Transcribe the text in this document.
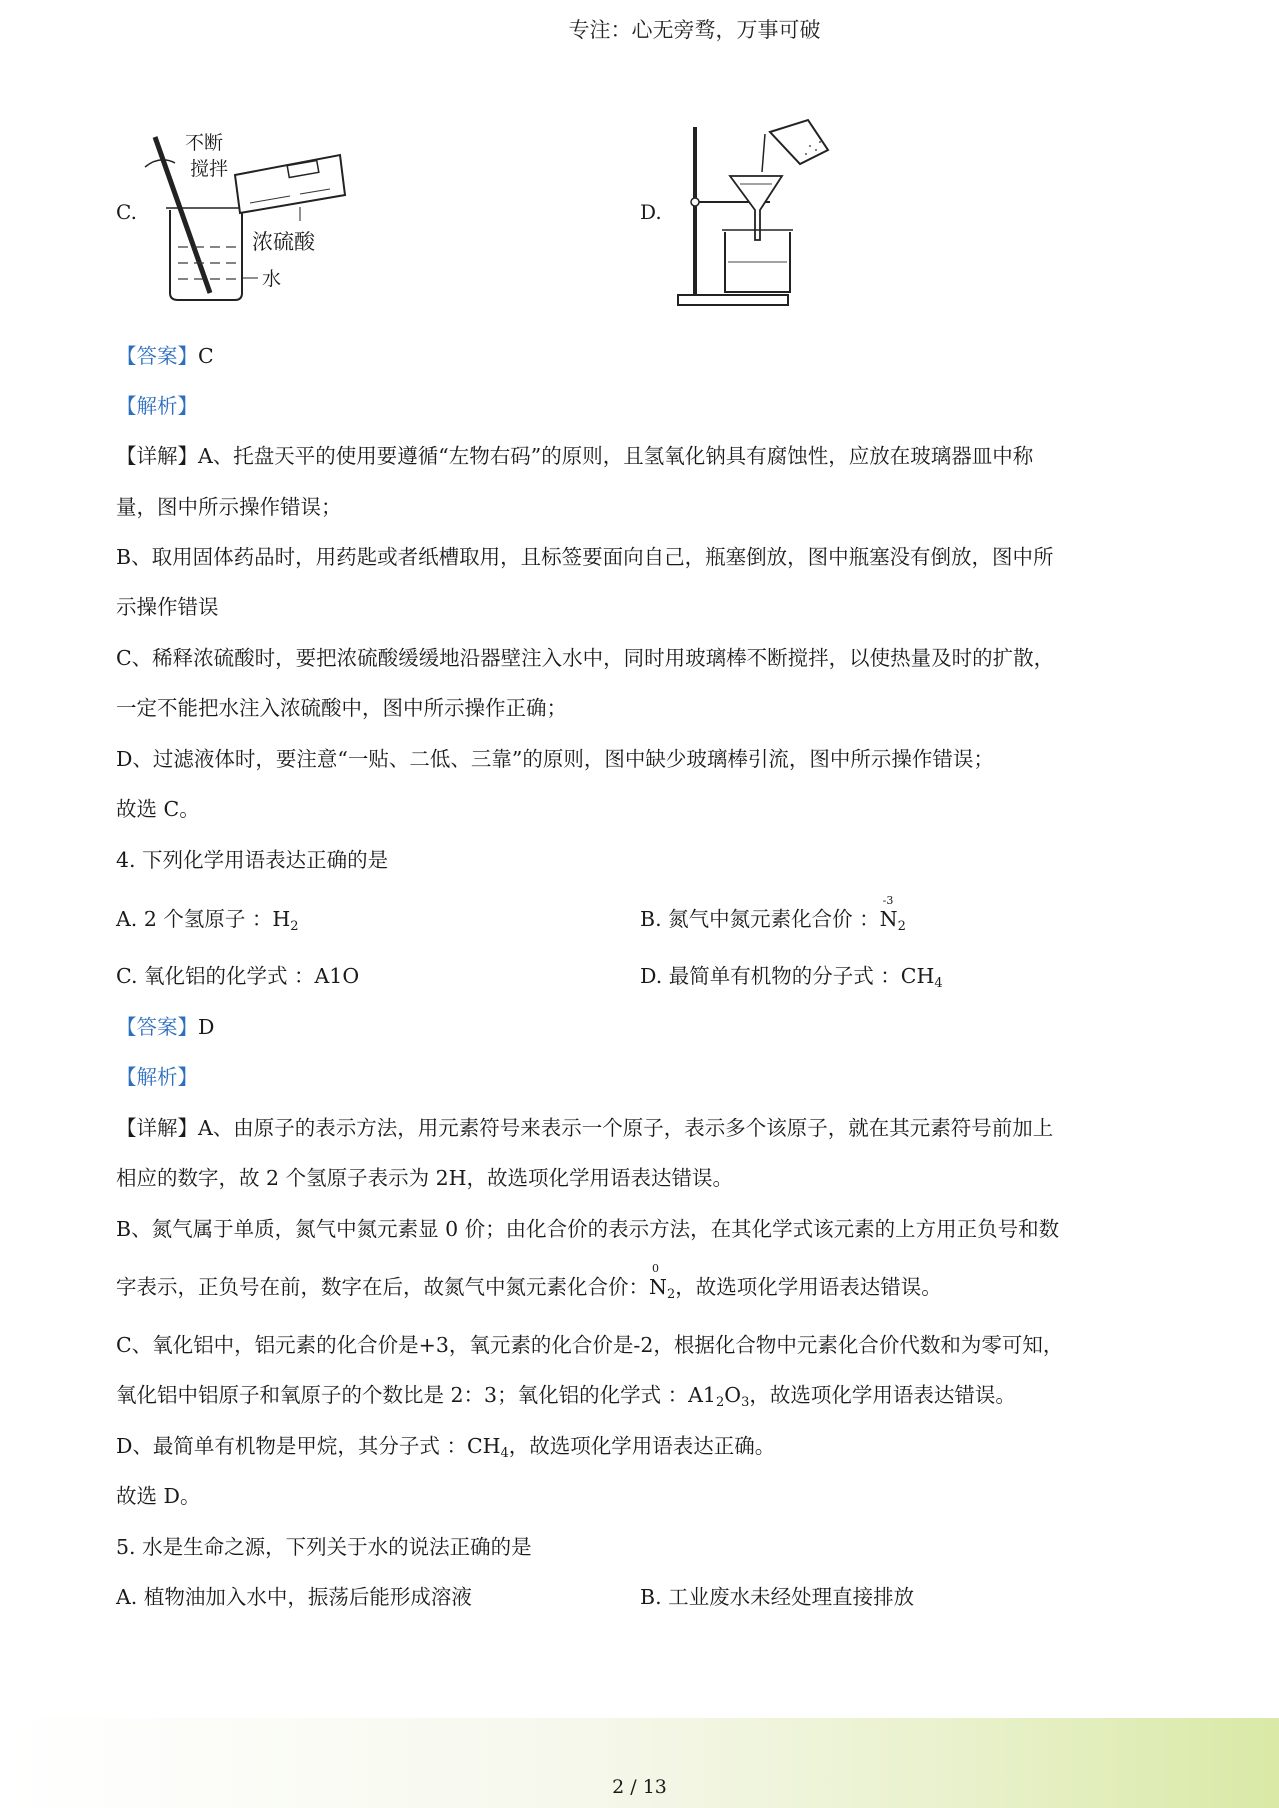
专注：心无旁骛，万事可破
C.
不断
搅拌
浓硫酸
水
D.
【答案】C
【解析】
【详解】A、托盘天平的使用要遵循“左物右码”的原则，且氢氧化钠具有腐蚀性，应放在玻璃器皿中称
量，图中所示操作错误；
B、取用固体药品时，用药匙或者纸槽取用，且标签要面向自己，瓶塞倒放，图中瓶塞没有倒放，图中所
示操作错误
C、稀释浓硫酸时，要把浓硫酸缓缓地沿器壁注入水中，同时用玻璃棒不断搅拌，以使热量及时的扩散，
一定不能把水注入浓硫酸中，图中所示操作正确；
D、过滤液体时，要注意“一贴、二低、三靠”的原则，图中缺少玻璃棒引流，图中所示操作错误；
故选 C。
4. 下列化学用语表达正确的是
A. 2 个氢原子 ：$H_2$	B. 氮气中氮元素化合价 ：
-3
$N_2$
C. 氧化铝的化学式 ：A1O	D. 最简单有机物的分子式 ：$CH_4$
【答案】D
【解析】
【详解】A、由原子的表示方法，用元素符号来表示一个原子，表示多个该原子，就在其元素符号前加上
相应的数字，故 2 个氢原子表示为 2H，故选项化学用语表达错误。
B、氮气属于单质，氮气中氮元素显 0 价；由化合价的表示方法，在其化学式该元素的上方用正负号和数
字表示，正负号在前，数字在后，故氮气中氮元素化合价：
0
$N_2$，故选项化学用语表达错误。
C、氧化铝中，铝元素的化合价是+3，氧元素的化合价是-2，根据化合物中元素化合价代数和为零可知，
氧化铝中铝原子和氧原子的个数比是 2：3；氧化铝的化学式 ：$A1_2O_3$，故选项化学用语表达错误。
D、最简单有机物是甲烷，其分子式 ：$CH_4$，故选项化学用语表达正确。
故选 D。
5. 水是生命之源，下列关于水的说法正确的是
A. 植物油加入水中，振荡后能形成溶液	B. 工业废水未经处理直接排放
2 / 13
